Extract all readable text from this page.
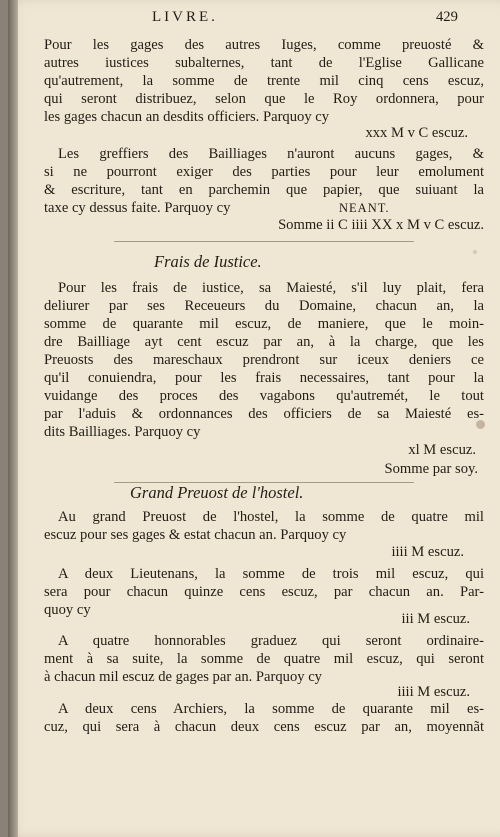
LIVRE.	429
Pour les gages des autres Iuges, comme preuosté &
autres iustices subalternes, tant de l'Eglise Gallicane
qu'autrement, la somme de trente mil cinq cens escuz,
qui seront distribuez, selon que le Roy ordonnera, pour
les gages chacun an desdits officiers. Parquoy cy
xxx M v C escuz.
Les greffiers des Bailliages n'auront aucuns gages, &
si ne pourront exiger des parties pour leur emolument
& escriture, tant en parchemin que papier, que suiuant la
taxe cy dessus faite. Parquoy cy	NEANT.
Somme ii C iiii XX x M v C escuz.
Frais de Iustice.
Pour les frais de iustice, sa Maiesté, s'il luy plait, fera
deliurer par ses Receueurs du Domaine, chacun an, la
somme de quarante mil escuz, de maniere, que le moin-
dre Bailliage ayt cent escuz par an, à la charge, que les
Preuosts des mareschaux prendront sur iceux deniers ce
qu'il conuiendra, pour les frais necessaires, tant pour la
vuidange des proces des vagabons qu'autremét, le tout
par l'aduis & ordonnances des officiers de sa Maiesté es-
dits Bailliages. Parquoy cy
xl M escuz.
Somme par soy.
Grand Preuost de l'hostel.
Au grand Preuost de l'hostel, la somme de quatre mil
escuz pour ses gages & estat chacun an. Parquoy cy
iiii M escuz.
A deux Lieutenans, la somme de trois mil escuz, qui
sera pour chacun quinze cens escuz, par chacun an. Par-
quoy cy
iii M escuz.
A quatre honnorables graduez qui seront ordinaire-
ment à sa suite, la somme de quatre mil escuz, qui seront
à chacun mil escuz de gages par an. Parquoy cy
iiii M escuz.
A deux cens Archiers, la somme de quarante mil es-
cuz, qui sera à chacun deux cens escuz par an, moyennãt
